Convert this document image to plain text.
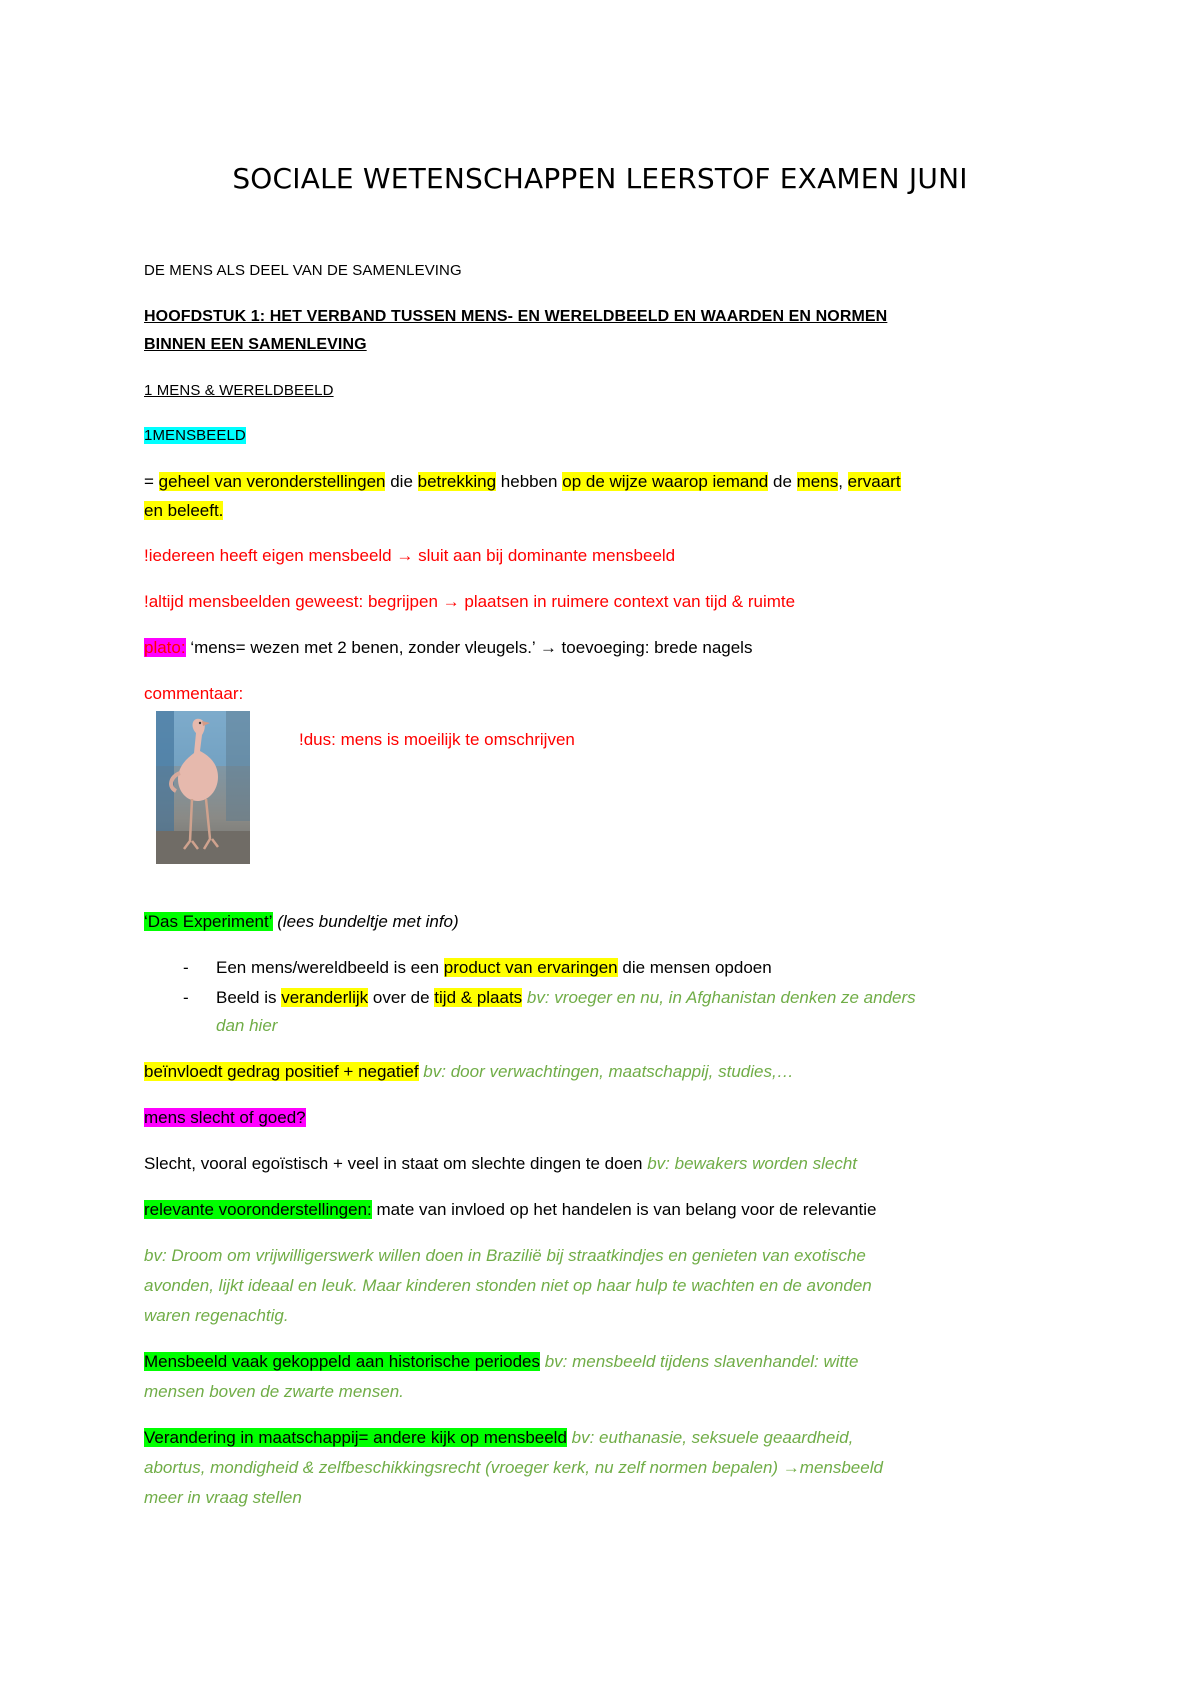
SOCIALE WETENSCHAPPEN LEERSTOF EXAMEN JUNI
DE MENS ALS DEEL VAN DE SAMENLEVING
HOOFDSTUK 1: HET VERBAND TUSSEN MENS- EN WERELDBEELD EN WAARDEN EN NORMEN
BINNEN EEN SAMENLEVING
1 MENS & WERELDBEELD
1MENSBEELD
= geheel van veronderstellingen die betrekking hebben op de wijze waarop iemand de mens, ervaart
en beleeft.
!iedereen heeft eigen mensbeeld → sluit aan bij dominante mensbeeld
!altijd mensbeelden geweest: begrijpen → plaatsen in ruimere context van tijd & ruimte
plato: ‘mens= wezen met 2 benen, zonder vleugels.’ → toevoeging: brede nagels
commentaar:
!dus: mens is moeilijk te omschrijven
‘Das Experiment’ (lees bundeltje met info)
- Een mens/wereldbeeld is een product van ervaringen die mensen opdoen
- Beeld is veranderlijk over de tijd & plaats bv: vroeger en nu, in Afghanistan denken ze anders
dan hier
beïnvloedt gedrag positief + negatief bv: door verwachtingen, maatschappij, studies,…
mens slecht of goed?
Slecht, vooral egoïstisch + veel in staat om slechte dingen te doen bv: bewakers worden slecht
relevante vooronderstellingen: mate van invloed op het handelen is van belang voor de relevantie
bv: Droom om vrijwilligerswerk willen doen in Brazilië bij straatkindjes en genieten van exotische
avonden, lijkt ideaal en leuk. Maar kinderen stonden niet op haar hulp te wachten en de avonden
waren regenachtig.
Mensbeeld vaak gekoppeld aan historische periodes bv: mensbeeld tijdens slavenhandel: witte
mensen boven de zwarte mensen.
Verandering in maatschappij= andere kijk op mensbeeld bv: euthanasie, seksuele geaardheid,
abortus, mondigheid & zelfbeschikkingsrecht (vroeger kerk, nu zelf normen bepalen) →mensbeeld
meer in vraag stellen
